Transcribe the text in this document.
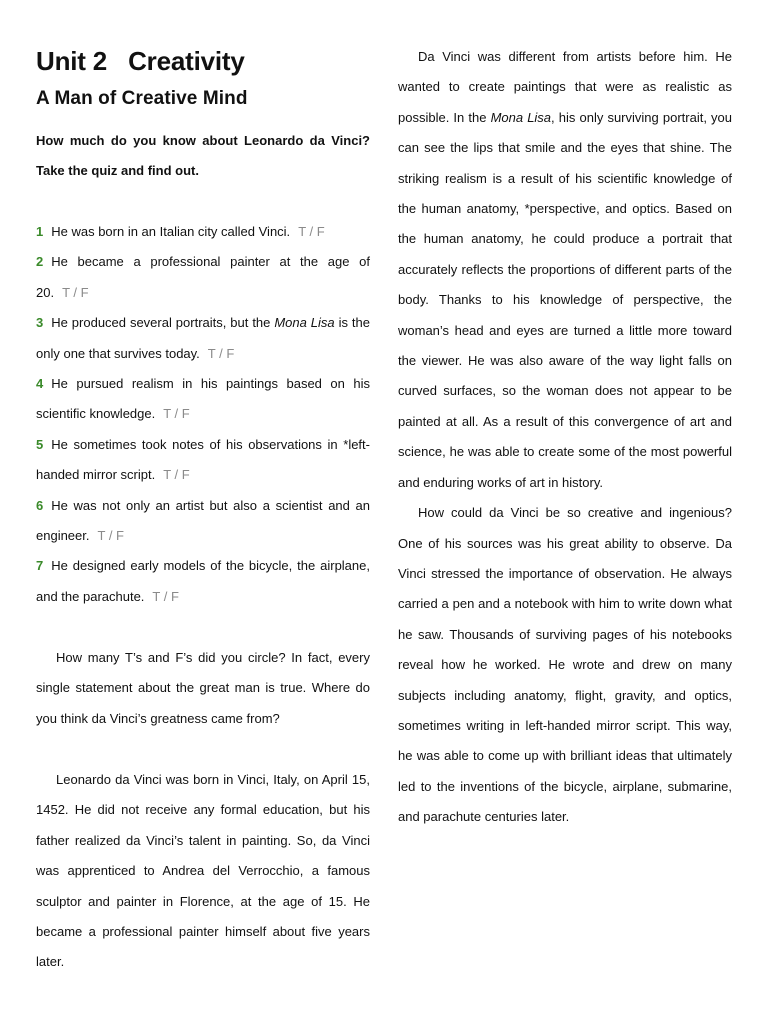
Unit 2 Creativity
A Man of Creative Mind
How much do you know about Leonardo da Vinci? Take the quiz and find out.
1 He was born in an Italian city called Vinci. T / F
2 He became a professional painter at the age of 20. T / F
3 He produced several portraits, but the Mona Lisa is the only one that survives today. T / F
4 He pursued realism in his paintings based on his scientific knowledge. T / F
5 He sometimes took notes of his observations in *left-handed mirror script. T / F
6 He was not only an artist but also a scientist and an engineer. T / F
7 He designed early models of the bicycle, the airplane, and the parachute. T / F

How many T’s and F’s did you circle? In fact, every single statement about the great man is true. Where do you think da Vinci’s greatness came from?

Leonardo da Vinci was born in Vinci, Italy, on April 15, 1452. He did not receive any formal education, but his father realized da Vinci’s talent in painting. So, da Vinci was apprenticed to Andrea del Verrocchio, a famous sculptor and painter in Florence, at the age of 15. He became a professional painter himself about five years later.

Da Vinci was different from artists before him. He wanted to create paintings that were as realistic as possible. In the Mona Lisa, his only surviving portrait, you can see the lips that smile and the eyes that shine. The striking realism is a result of his scientific knowledge of the human anatomy, *perspective, and optics. Based on the human anatomy, he could produce a portrait that accurately reflects the proportions of different parts of the body. Thanks to his knowledge of perspective, the woman’s head and eyes are turned a little more toward the viewer. He was also aware of the way light falls on curved surfaces, so the woman does not appear to be painted at all. As a result of this convergence of art and science, he was able to create some of the most powerful and enduring works of art in history.

How could da Vinci be so creative and ingenious? One of his sources was his great ability to observe. Da Vinci stressed the importance of observation. He always carried a pen and a notebook with him to write down what he saw. Thousands of surviving pages of his notebooks reveal how he worked. He wrote and drew on many subjects including anatomy, flight, gravity, and optics, sometimes writing in left-handed mirror script. This way, he was able to come up with brilliant ideas that ultimately led to the inventions of the bicycle, airplane, submarine, and parachute centuries later.
